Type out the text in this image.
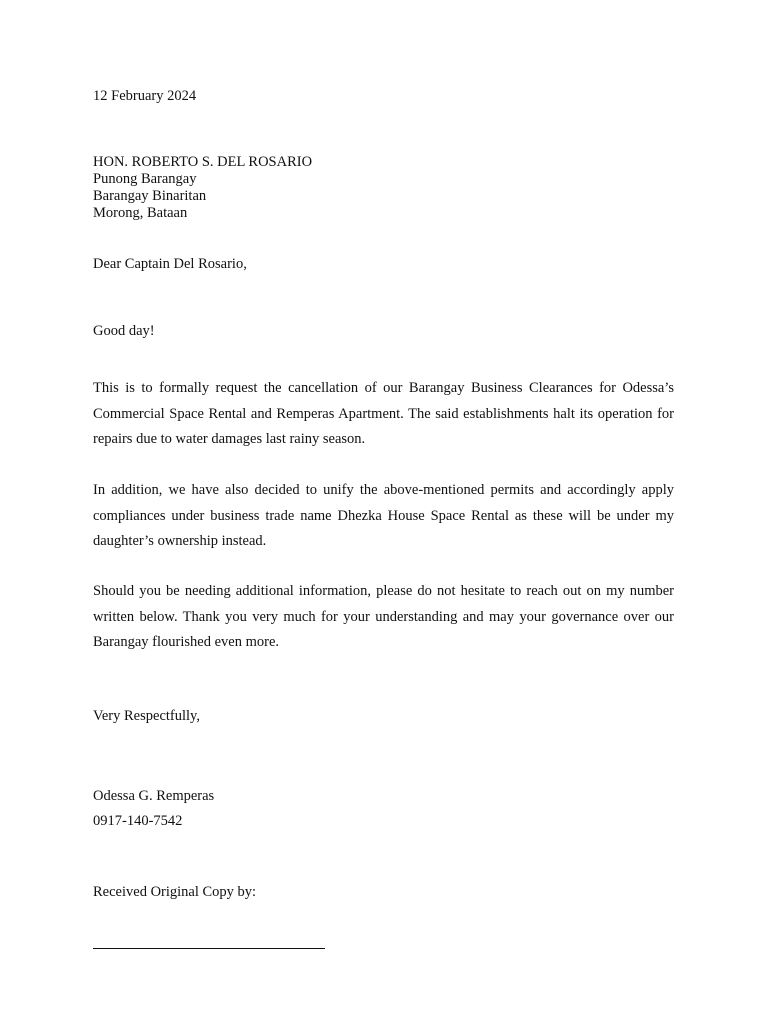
12 February 2024
HON. ROBERTO S. DEL ROSARIO
Punong Barangay
Barangay Binaritan
Morong, Bataan
Dear Captain Del Rosario,
Good day!
This is to formally request the cancellation of our Barangay Business Clearances for Odessa’s Commercial Space Rental and Remperas Apartment. The said establishments halt its operation for repairs due to water damages last rainy season.
In addition, we have also decided to unify the above-mentioned permits and accordingly apply compliances under business trade name Dhezka House Space Rental as these will be under my daughter’s ownership instead.
Should you be needing additional information, please do not hesitate to reach out on my number written below. Thank you very much for your understanding and may your governance over our Barangay flourished even more.
Very Respectfully,
Odessa G. Remperas
0917-140-7542
Received Original Copy by:
